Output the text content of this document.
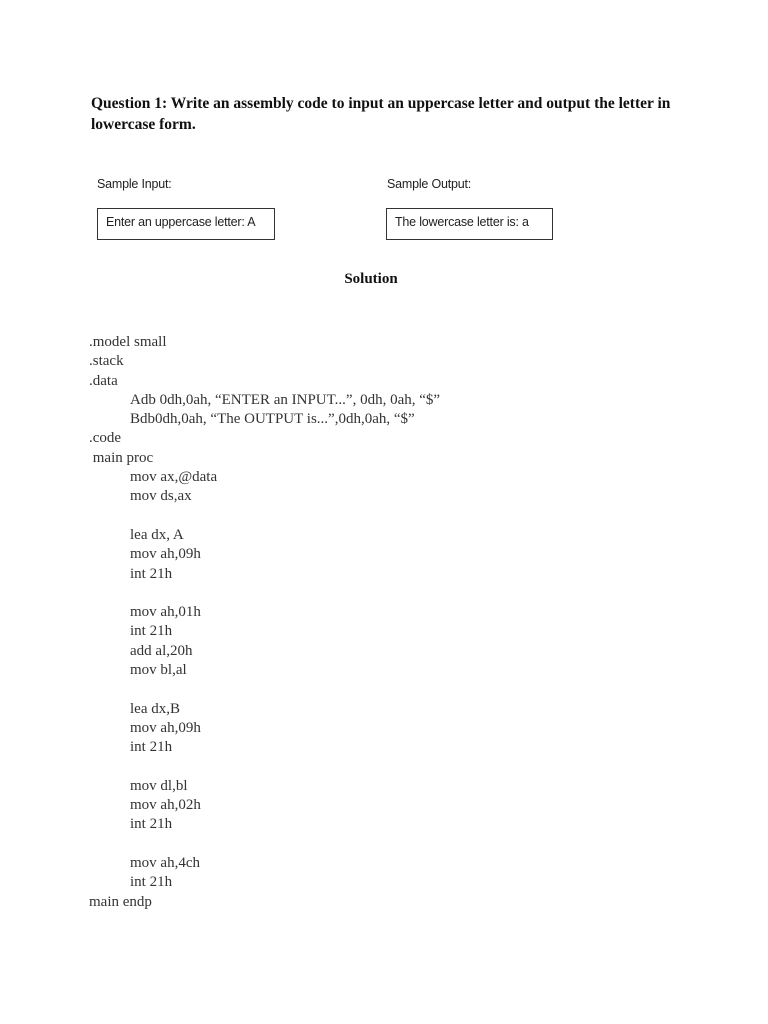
Question 1: Write an assembly code to input an uppercase letter and output the letter in lowercase form.
Sample Input:	Sample Output:
Enter an uppercase letter: A	The lowercase letter is: a
Solution
.model small
.stack
.data
Adb 0dh,0ah, “ENTER an INPUT...”, 0dh, 0ah, “$”
Bdb0dh,0ah, “The OUTPUT is...”,0dh,0ah, “$”
.code
main proc
mov ax,@data
mov ds,ax
lea dx, A
mov ah,09h
int 21h
mov ah,01h
int 21h
add al,20h
mov bl,al
lea dx,B
mov ah,09h
int 21h
mov dl,bl
mov ah,02h
int 21h
mov ah,4ch
int 21h
main endp
